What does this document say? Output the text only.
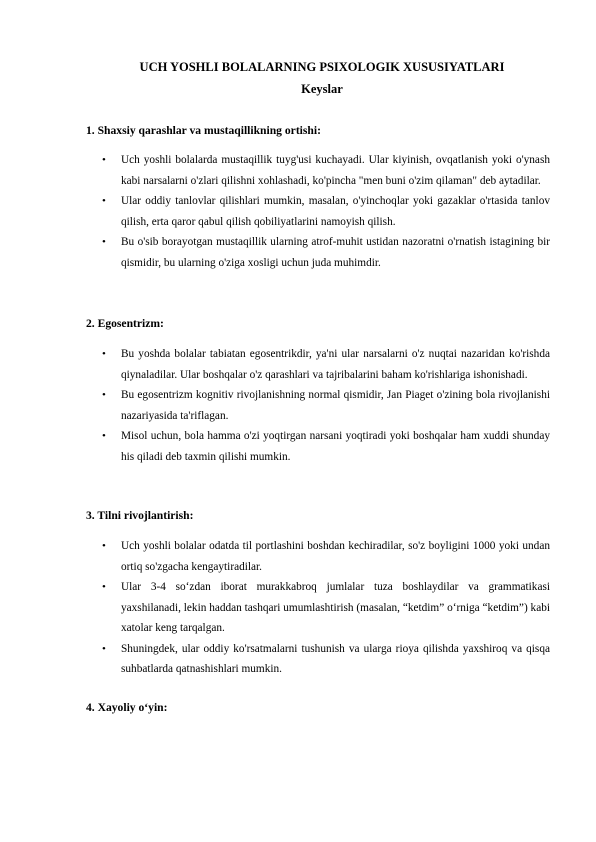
UCH YOSHLI BOLALARNING PSIXOLOGIK XUSUSIYATLARI
Keyslar
1. Shaxsiy qarashlar va mustaqillikning ortishi:
• Uch yoshli bolalarda mustaqillik tuyg'usi kuchayadi. Ular kiyinish, ovqatlanish yoki o'ynash kabi narsalarni o'zlari qilishni xohlashadi, ko'pincha "men buni o'zim qilaman" deb aytadilar.
• Ular oddiy tanlovlar qilishlari mumkin, masalan, o'yinchoqlar yoki gazaklar o'rtasida tanlov qilish, erta qaror qabul qilish qobiliyatlarini namoyish qilish.
• Bu o'sib borayotgan mustaqillik ularning atrof-muhit ustidan nazoratni o'rnatish istagining bir qismidir, bu ularning o'ziga xosligi uchun juda muhimdir.
2. Egosentrizm:
• Bu yoshda bolalar tabiatan egosentrikdir, ya'ni ular narsalarni o'z nuqtai nazaridan ko'rishda qiynaladilar. Ular boshqalar o'z qarashlari va tajribalarini baham ko'rishlariga ishonishadi.
• Bu egosentrizm kognitiv rivojlanishning normal qismidir, Jan Piaget o'zining bola rivojlanishi nazariyasida ta'riflagan.
• Misol uchun, bola hamma o'zi yoqtirgan narsani yoqtiradi yoki boshqalar ham xuddi shunday his qiladi deb taxmin qilishi mumkin.
3. Tilni rivojlantirish:
• Uch yoshli bolalar odatda til portlashini boshdan kechiradilar, so'z boyligini 1000 yoki undan ortiq so'zgacha kengaytiradilar.
• Ular 3-4 so‘zdan iborat murakkabroq jumlalar tuza boshlaydilar va grammatikasi yaxshilanadi, lekin haddan tashqari umumlashtirish (masalan, “ketdim” o‘rniga “ketdim”) kabi xatolar keng tarqalgan.
• Shuningdek, ular oddiy ko'rsatmalarni tushunish va ularga rioya qilishda yaxshiroq va qisqa suhbatlarda qatnashishlari mumkin.
4. Xayoliy o‘yin:
